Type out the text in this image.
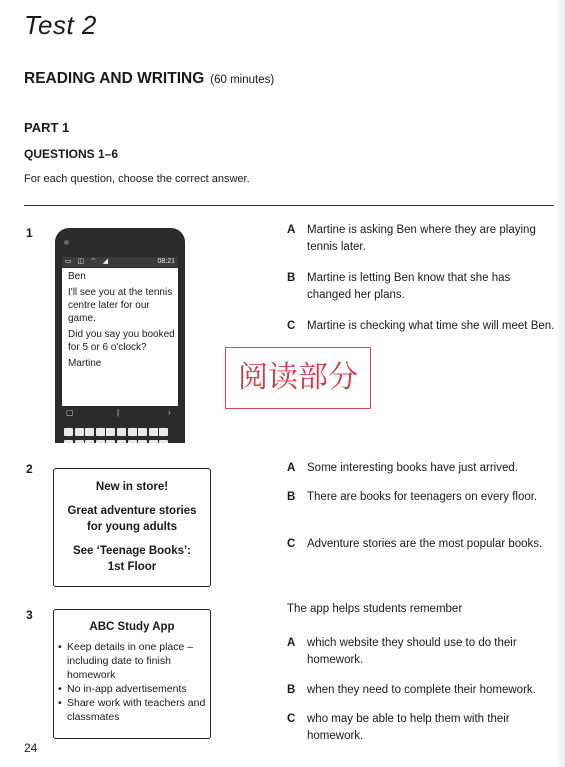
Test 2
READING AND WRITING (60 minutes)
PART 1
QUESTIONS 1–6
For each question, choose the correct answer.
1
▭ ◫ ⌔ ◢	08:21

Ben

I'll see you at the tennis centre later for our game.

Did you say you booked for 5 or 6 o'clock?

Martine

▢	|	›
A	Martine is asking Ben where they are playing tennis later.
B	Martine is letting Ben know that she has changed her plans.
C	Martine is checking what time she will meet Ben.
阅读部分
2

New in store!

Great adventure stories for young adults

See ‘Teenage Books’: 1st Floor

A	Some interesting books have just arrived.
B	There are books for teenagers on every floor.
C	Adventure stories are the most popular books.
3
ABC Study App
• Keep details in one place – including date to finish homework
• No in-app advertisements
• Share work with teachers and classmates
The app helps students remember
A	which website they should use to do their homework.
B	when they need to complete their homework.
C	who may be able to help them with their homework.
24
